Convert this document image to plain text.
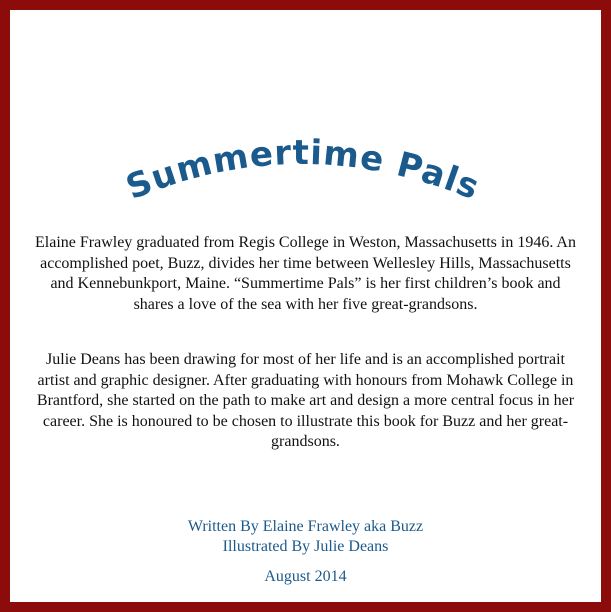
Summertime Pals
Elaine Frawley graduated from Regis College in Weston, Massachusetts in 1946. An accomplished poet, Buzz, divides her time between Wellesley Hills, Massachusetts and Kennebunkport, Maine. “Summertime Pals” is her first children’s book and shares a love of the sea with her five great-grandsons.
Julie Deans has been drawing for most of her life and is an accomplished portrait artist and graphic designer. After graduating with honours from Mohawk College in Brantford, she started on the path to make art and design a more central focus in her career. She is honoured to be chosen to illustrate this book for Buzz and her great-grandsons.
Written By Elaine Frawley aka Buzz
Illustrated By Julie Deans
August 2014
